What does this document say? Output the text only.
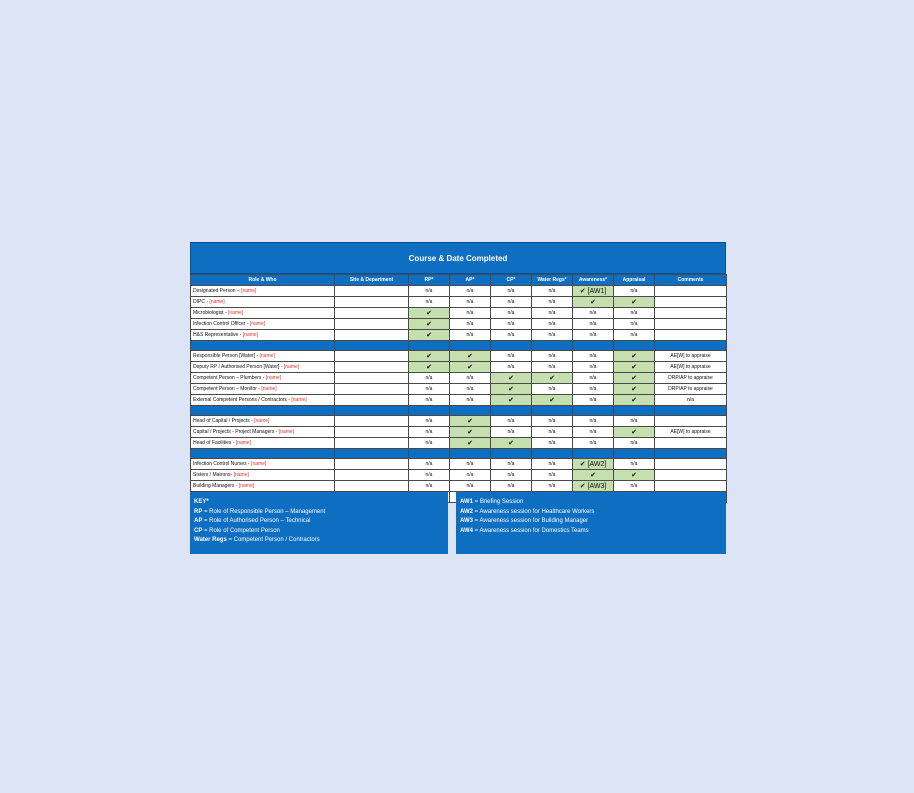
Course & Date Completed
Role & Who	Site & Department	RP*	AP*	CP*	Water Regs*	Awareness*	Appraisal	Comments
Designated Person – [name]		n/a	n/a	n/a	n/a	✔ [AW1]	n/a	
DIPC - [name]		n/a	n/a	n/a	n/a	✔	✔	
Microbiologist - [name]		✔	n/a	n/a	n/a	n/a	n/a	
Infection Control Officer - [name]		✔	n/a	n/a	n/a	n/a	n/a	
H&S Representative - [name]		✔	n/a	n/a	n/a	n/a	n/a	

Responsible Person [Water] - [name]		✔	✔	n/a	n/a	n/a	✔	AE[W] to appraise
Deputy RP / Authorised Person [Water] - [name]		✔	✔	n/a	n/a	n/a	✔	AE[W] to appraise
Competent Person – Plumbers - [name]		n/a	n/a	✔	✔	n/a	✔	DRP/AP to appraise
Competent Person – Monitor - [name]		n/a	n/a	✔	n/a	n/a	✔	DRP/AP to appraise
External Competent Persons / Contractors - [name]		n/a	n/a	✔	✔	n/a	✔	n/a

Head of Capital / Projects - [name]		n/a	✔	n/a	n/a	n/a	n/a	
Capital / Projects - Project Managers - [name]		n/a	✔	n/a	n/a	n/a	✔	AE[W] to appraise
Head of Facilities - [name]		n/a	✔	✔	n/a	n/a	n/a	

Infection Control Nurses - [name]		n/a	n/a	n/a	n/a	✔ [AW2]	n/a	
Sisters / Matrons- [name]		n/a	n/a	n/a	n/a	✔	✔	
Building Managers - [name]		n/a	n/a	n/a	n/a	✔ [AW3]	n/a	

KEY*
RP = Role of Responsible Person – Management
AP = Role of Authorised Person – Technical
CP = Role of Competent Person
Water Regs = Competent Person / Contractors
AW1 = Briefing Session
AW2 = Awareness session for Healthcare Workers
AW3 = Awareness session for Building Manager
AW4 = Awareness session for Domestics Teams
